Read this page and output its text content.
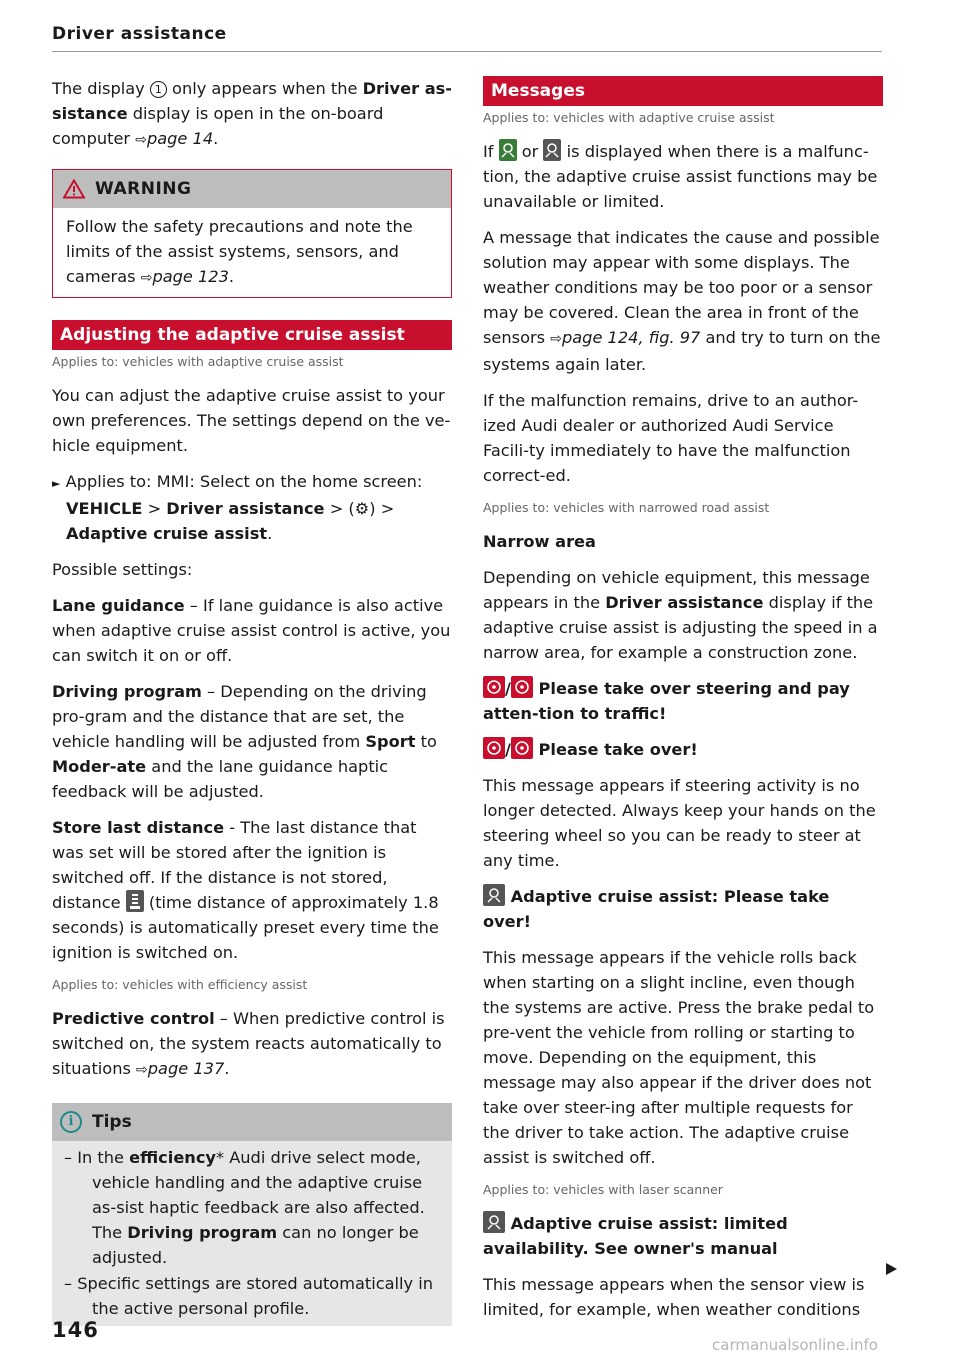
Driver assistance

The display 1 only appears when the Driver as-sistance display is open in the on-board computer ⇨page 14.

WARNING
Follow the safety precautions and note the limits of the assist systems, sensors, and cameras ⇨page 123.
Adjusting the adaptive cruise assist

Applies to: vehicles with adaptive cruise assist

You can adjust the adaptive cruise assist to your own preferences. The settings depend on the ve-hicle equipment.

► Applies to: MMI: Select on the home screen: VEHICLE > Driver assistance > (⚙) > Adaptive cruise assist.

Possible settings:

Lane guidance – If lane guidance is also active when adaptive cruise assist control is active, you can switch it on or off.

Driving program – Depending on the driving pro-gram and the distance that are set, the vehicle handling will be adjusted from Sport to Moder-ate and the lane guidance haptic feedback will be adjusted.

Store last distance - The last distance that was set will be stored after the ignition is switched off. If the distance is not stored, distance
(time distance of approximately 1.8 seconds) is automatically preset every time the ignition is switched on.

Applies to: vehicles with efficiency assist

Predictive control – When predictive control is switched on, the system reacts automatically to situations ⇨page 137.

i	Tips

– In the efficiency* Audi drive select mode, vehicle handling and the adaptive cruise as-sist haptic feedback are also affected. The Driving program can no longer be adjusted.

– Specific settings are stored automatically in the active personal profile.

Messages

Applies to: vehicles with adaptive cruise assist

If
or
is displayed when there is a malfunc-tion, the adaptive cruise assist functions may be unavailable or limited.

A message that indicates the cause and possible solution may appear with some displays. The weather conditions may be too poor or a sensor may be covered. Clean the area in front of the sensors ⇨page 124, fig. 97 and try to turn on the systems again later.

If the malfunction remains, drive to an author-ized Audi dealer or authorized Audi Service Facili-ty immediately to have the malfunction correct-ed.

Applies to: vehicles with narrowed road assist

Narrow area

Depending on vehicle equipment, this message appears in the Driver assistance display if the adaptive cruise assist is adjusting the speed in a narrow area, for example a construction zone.

/
Please take over steering and pay atten-tion to traffic!

/
Please take over!

This message appears if steering activity is no longer detected. Always keep your hands on the steering wheel so you can be ready to steer at any time.

Adaptive cruise assist: Please take over!

This message appears if the vehicle rolls back when starting on a slight incline, even though the systems are active. Press the brake pedal to pre-vent the vehicle from rolling or starting to move. Depending on the equipment, this message may also appear if the driver does not take over steer-ing after multiple requests for the driver to take action. The adaptive cruise assist is switched off.

Applies to: vehicles with laser scanner

Adaptive cruise assist: limited availability. See owner's manual

This message appears when the sensor view is limited, for example, when weather conditions

146
carmanualsonline.info
